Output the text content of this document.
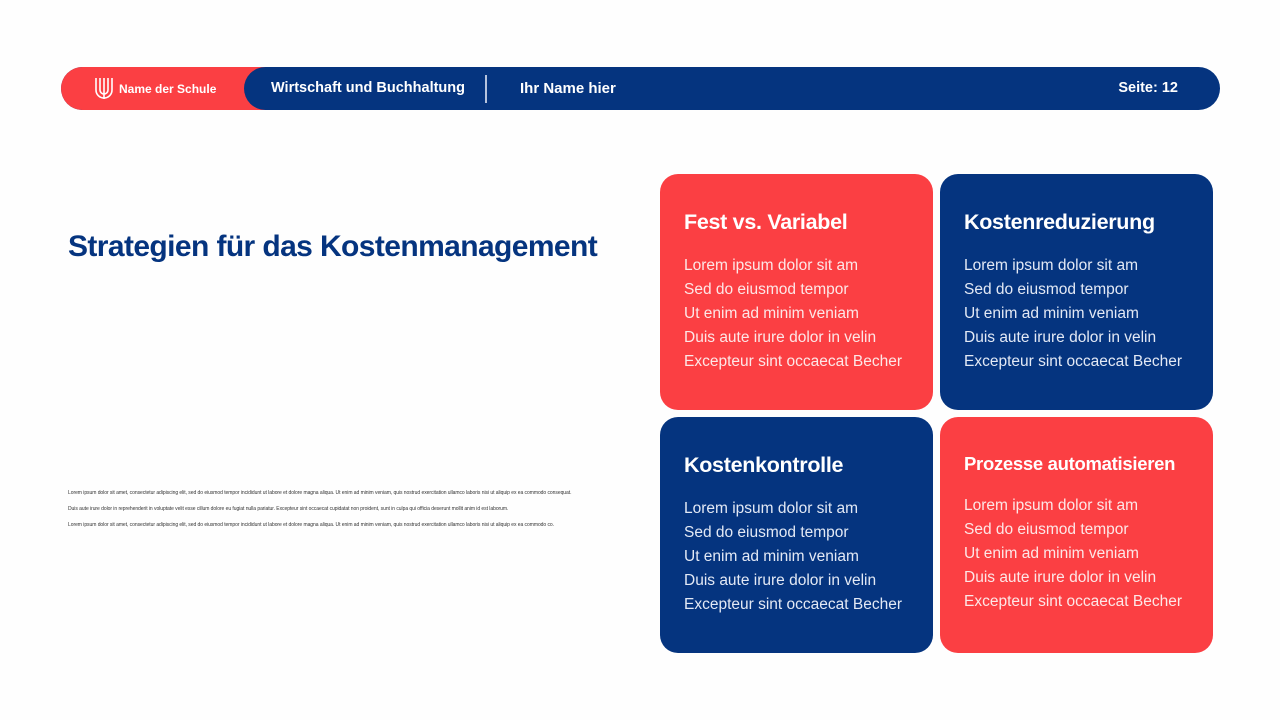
Name der Schule	Wirtschaft und Buchhaltung	Ihr Name hier	Seite: 12
Strategien für das Kostenmanagement

Lorem ipsum dolor sit amet, consectetur adipiscing elit, sed do eiusmod tempor incididunt ut labore et dolore magna aliqua. Ut enim ad minim veniam, quis nostrud exercitation ullamco laboris nisi ut aliquip ex ea commodo consequat.

Duis aute irure dolor in reprehenderit in voluptate velit esse cillum dolore eu fugiat nulla pariatur. Excepteur sint occaecat cupidatat non proident, sunt in culpa qui officia deserunt mollit anim id est laborum.

Lorem ipsum dolor sit amet, consectetur adipiscing elit, sed do eiusmod tempor incididunt ut labore et dolore magna aliqua. Ut enim ad minim veniam, quis nostrud exercitation ullamco laboris nisi ut aliquip ex ea commodo co.

Fest vs. Variabel
Lorem ipsum dolor sit am
Sed do eiusmod tempor
Ut enim ad minim veniam
Duis aute irure dolor in velin
Excepteur sint occaecat Becher
Kostenreduzierung
Lorem ipsum dolor sit am
Sed do eiusmod tempor
Ut enim ad minim veniam
Duis aute irure dolor in velin
Excepteur sint occaecat Becher
Kostenkontrolle
Lorem ipsum dolor sit am
Sed do eiusmod tempor
Ut enim ad minim veniam
Duis aute irure dolor in velin
Excepteur sint occaecat Becher
Prozesse automatisieren
Lorem ipsum dolor sit am
Sed do eiusmod tempor
Ut enim ad minim veniam
Duis aute irure dolor in velin
Excepteur sint occaecat Becher
